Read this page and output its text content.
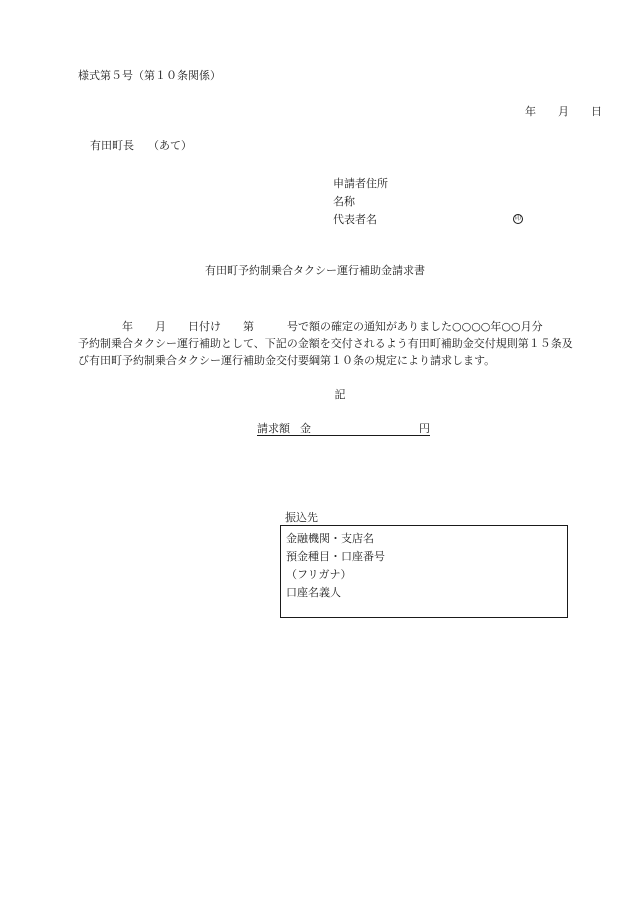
様式第５号（第１０条関係）
年 月 日
有田町長 （あて）
申請者住所
名称
代表者名	印
有田町予約制乗合タクシー運行補助金請求書
　　　　年　　月　　日付け　　第　　　号で額の確定の通知がありました○○○○年○○月分
予約制乗合タクシー運行補助として、下記の金額を交付されるよう有田町補助金交付規則第１５条及
び有田町予約制乗合タクシー運行補助金交付要綱第１０条の規定により請求します。
記
請求額 金	円
振込先
金融機関・支店名
預金種目・口座番号
（フリガナ）
口座名義人
